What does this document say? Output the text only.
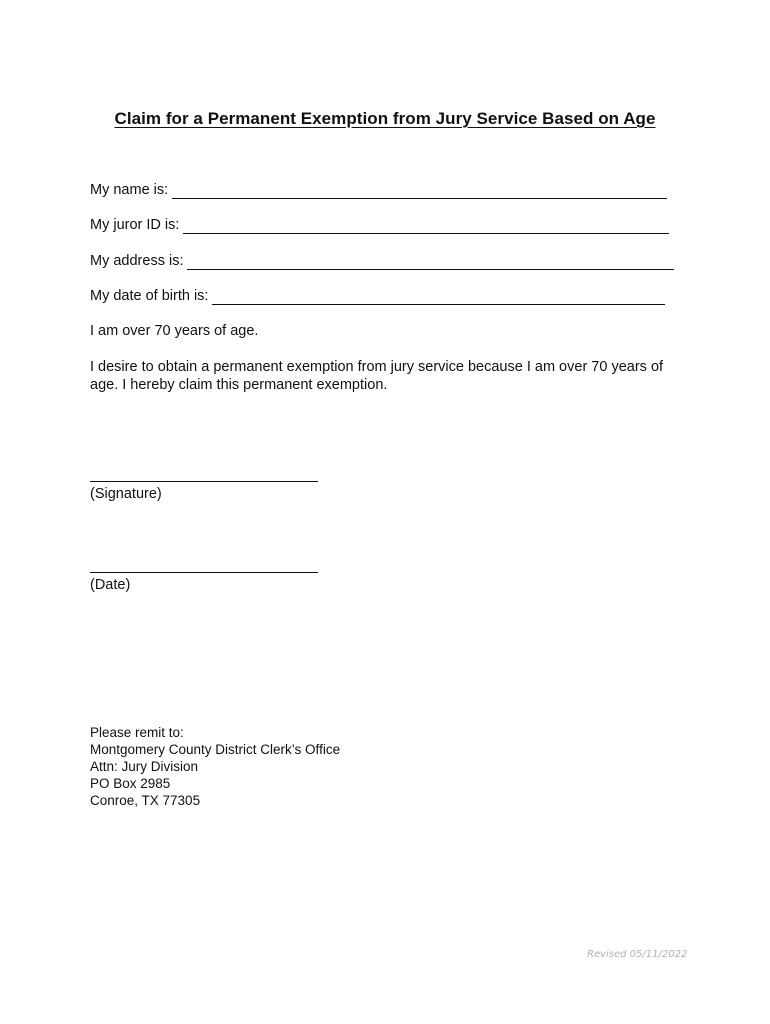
Claim for a Permanent Exemption from Jury Service Based on Age
My name is:
My juror ID is:
My address is:
My date of birth is:
I am over 70 years of age.
I desire to obtain a permanent exemption from jury service because I am over 70 years of age. I hereby claim this permanent exemption.
(Signature)
(Date)
Please remit to:
Montgomery County District Clerk’s Office
Attn: Jury Division
PO Box 2985
Conroe, TX 77305
Revised 05/11/2022
